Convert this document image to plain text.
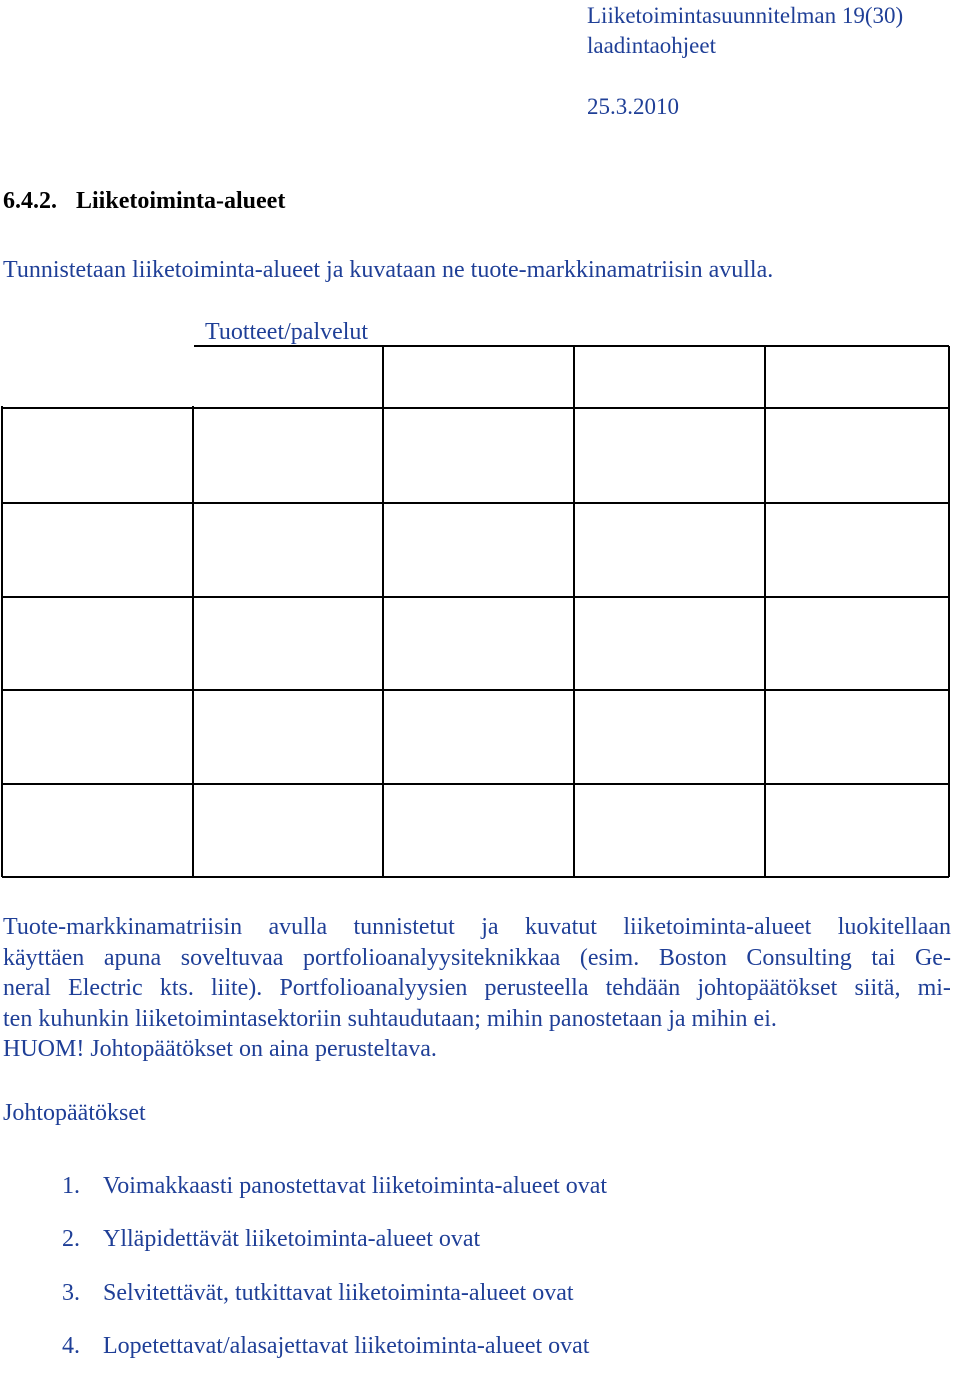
Liiketoimintasuunnitelman 19(30)
laadintaohjeet
25.3.2010
6.4.2. Liiketoiminta-alueet
Tunnistetaan liiketoiminta-alueet ja kuvataan ne tuote-markkinamatriisin avulla.
Tuotteet/palvelut
Tuote-markkinamatriisin avulla tunnistetut ja kuvatut liiketoiminta-alueet luokitellaan
käyttäen apuna soveltuvaa portfolioanalyysiteknikkaa (esim. Boston Consulting tai Ge-
neral Electric kts. liite). Portfolioanalyysien perusteella tehdään johtopäätökset siitä, mi-
ten kuhunkin liiketoimintasektoriin suhtaudutaan; mihin panostetaan ja mihin ei.
HUOM! Johtopäätökset on aina perusteltava.
Johtopäätökset
1. Voimakkaasti panostettavat liiketoiminta-alueet ovat
2. Ylläpidettävät liiketoiminta-alueet ovat
3. Selvitettävät, tutkittavat liiketoiminta-alueet ovat
4. Lopetettavat/alasajettavat liiketoiminta-alueet ovat
